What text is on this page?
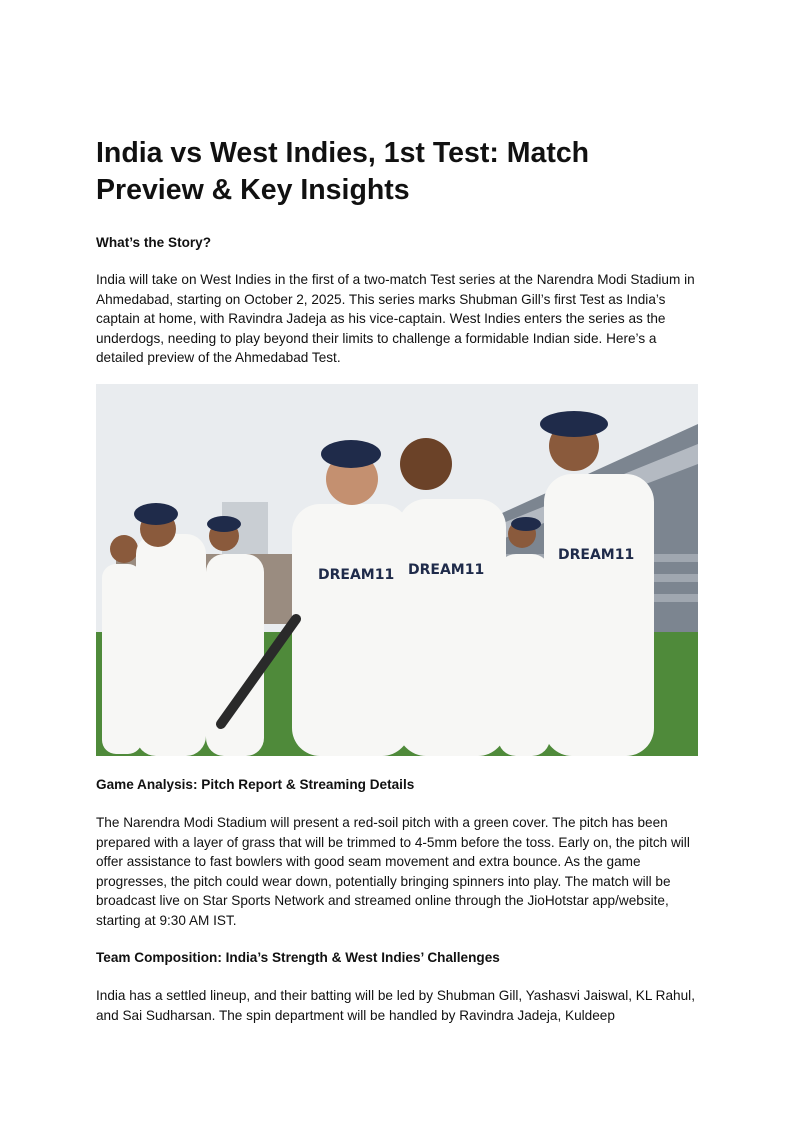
India vs West Indies, 1st Test: Match Preview & Key Insights
What’s the Story?

India will take on West Indies in the first of a two-match Test series at the Narendra Modi Stadium in Ahmedabad, starting on October 2, 2025. This series marks Shubman Gill’s first Test as India’s captain at home, with Ravindra Jadeja as his vice-captain. West Indies enters the series as the underdogs, needing to play beyond their limits to challenge a formidable Indian side. Here’s a detailed preview of the Ahmedabad Test.

DREAM11 DREAM11
DREAM11
Game Analysis: Pitch Report & Streaming Details

The Narendra Modi Stadium will present a red-soil pitch with a green cover. The pitch has been prepared with a layer of grass that will be trimmed to 4-5mm before the toss. Early on, the pitch will offer assistance to fast bowlers with good seam movement and extra bounce. As the game progresses, the pitch could wear down, potentially bringing spinners into play. The match will be broadcast live on Star Sports Network and streamed online through the JioHotstar app/website, starting at 9:30 AM IST.

Team Composition: India’s Strength & West Indies’ Challenges

India has a settled lineup, and their batting will be led by Shubman Gill, Yashasvi Jaiswal, KL Rahul, and Sai Sudharsan. The spin department will be handled by Ravindra Jadeja, Kuldeep
